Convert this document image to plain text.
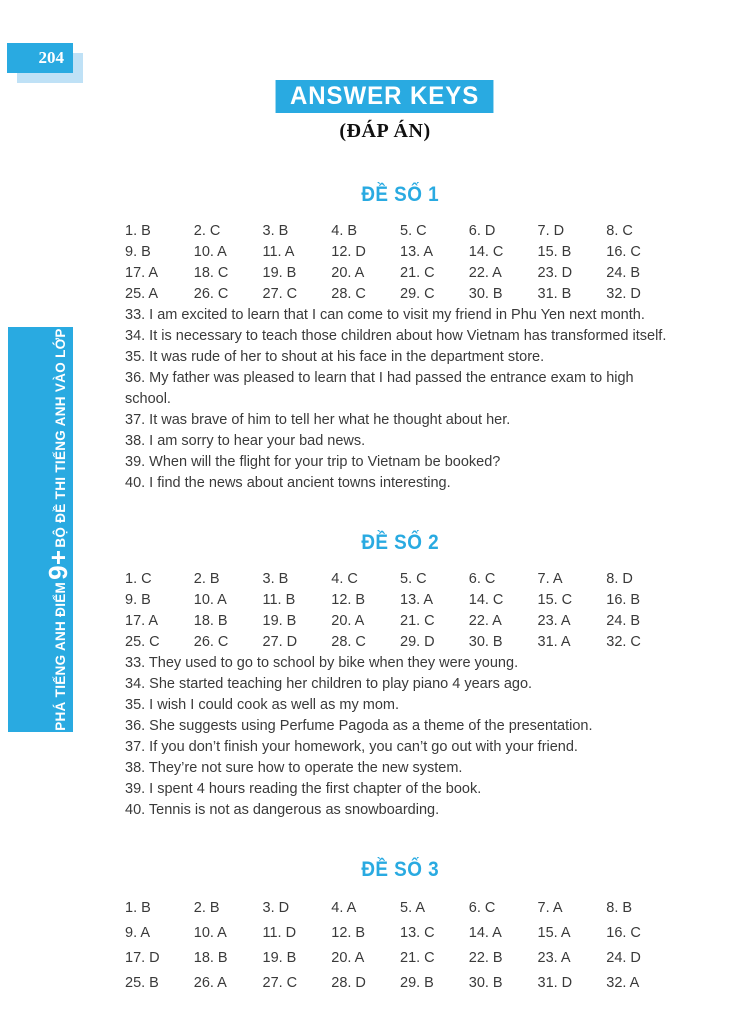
204
ANSWER KEYS
(ĐÁP ÁN)
ĐỀ SỐ 1
1. B	2. C	3. B	4. B	5. C	6. D	7. D	8. C
9. B	10. A	11. A	12. D	13. A	14. C	15. B	16. C
17. A	18. C	19. B	20. A	21. C	22. A	23. D	24. B
25. A	26. C	27. C	28. C	29. C	30. B	31. B	32. D
33. I am excited to learn that I can come to visit my friend in Phu Yen next month.
34. It is necessary to teach those children about how Vietnam has transformed itself.
35. It was rude of her to shout at his face in the department store.
36. My father was pleased to learn that I had passed the entrance exam to high school.
37. It was brave of him to tell her what he thought about her.
38. I am sorry to hear your bad news.
39. When will the flight for your trip to Vietnam be booked?
40. I find the news about ancient towns interesting.
ĐỀ SỐ 2
1. C	2. B	3. B	4. C	5. C	6. C	7. A	8. D
9. B	10. A	11. B	12. B	13. A	14. C	15. C	16. B
17. A	18. B	19. B	20. A	21. C	22. A	23. A	24. B
25. C	26. C	27. D	28. C	29. D	30. B	31. A	32. C
33. They used to go to school by bike when they were young.
34. She started teaching her children to play piano 4 years ago.
35. I wish I could cook as well as my mom.
36. She suggests using Perfume Pagoda as a theme of the presentation.
37. If you don’t finish your homework, you can’t go out with your friend.
38. They’re not sure how to operate the new system.
39. I spent 4 hours reading the first chapter of the book.
40. Tennis is not as dangerous as snowboarding.
ĐỀ SỐ 3
1. B	2. B	3. D	4. A	5. A	6. C	7. A	8. B
9. A	10. A	11. D	12. B	13. C	14. A	15. A	16. C
17. D	18. B	19. B	20. A	21. C	22. B	23. A	24. D
25. B	26. A	27. C	28. D	29. B	30. B	31. D	32. A
ĐỘT PHÁ TIẾNG ANH ĐIỂM
9+
BỘ ĐỀ THI TIẾNG ANH VÀO LỚP
10
